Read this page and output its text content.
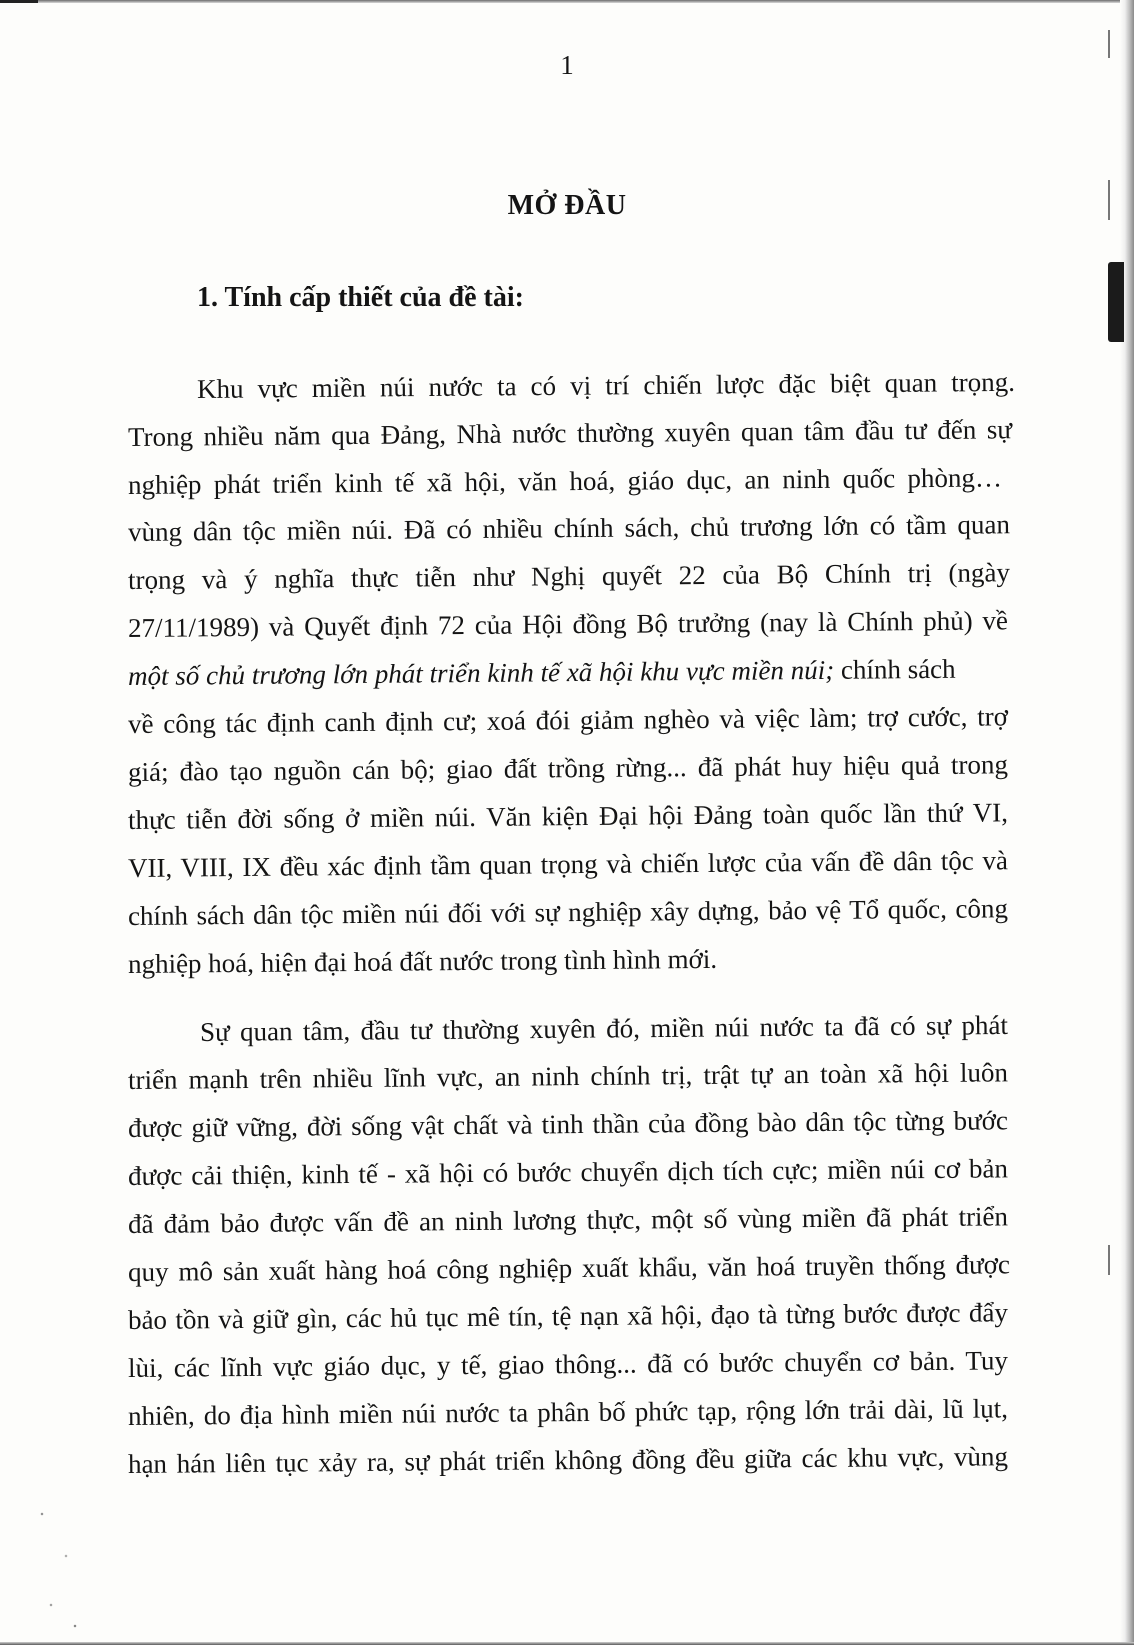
1
MỞ ĐẦU
1. Tính cấp thiết của đề tài:
Khu vực miền núi nước ta có vị trí chiến lược đặc biệt quan trọng.
Trong nhiều năm qua Đảng, Nhà nước thường xuyên quan tâm đầu tư đến sự
nghiệp phát triển kinh tế xã hội, văn hoá, giáo dục, an ninh quốc phòng…
vùng dân tộc miền núi. Đã có nhiều chính sách, chủ trương lớn có tầm quan
trọng và ý nghĩa thực tiễn như Nghị quyết 22 của Bộ Chính trị (ngày
27/11/1989) và Quyết định 72 của Hội đồng Bộ trưởng (nay là Chính phủ) về
một số chủ trương lớn phát triển kinh tế xã hội khu vực miền núi; chính sách
về công tác định canh định cư; xoá đói giảm nghèo và việc làm; trợ cước, trợ
giá; đào tạo nguồn cán bộ; giao đất trồng rừng... đã phát huy hiệu quả trong
thực tiễn đời sống ở miền núi. Văn kiện Đại hội Đảng toàn quốc lần thứ VI,
VII, VIII, IX đều xác định tầm quan trọng và chiến lược của vấn đề dân tộc và
chính sách dân tộc miền núi đối với sự nghiệp xây dựng, bảo vệ Tổ quốc, công
nghiệp hoá, hiện đại hoá đất nước trong tình hình mới.
Sự quan tâm, đầu tư thường xuyên đó, miền núi nước ta đã có sự phát
triển mạnh trên nhiều lĩnh vực, an ninh chính trị, trật tự an toàn xã hội luôn
được giữ vững, đời sống vật chất và tinh thần của đồng bào dân tộc từng bước
được cải thiện, kinh tế - xã hội có bước chuyển dịch tích cực; miền núi cơ bản
đã đảm bảo được vấn đề an ninh lương thực, một số vùng miền đã phát triển
quy mô sản xuất hàng hoá công nghiệp xuất khẩu, văn hoá truyền thống được
bảo tồn và giữ gìn, các hủ tục mê tín, tệ nạn xã hội, đạo tà từng bước được đẩy
lùi, các lĩnh vực giáo dục, y tế, giao thông... đã có bước chuyển cơ bản. Tuy
nhiên, do địa hình miền núi nước ta phân bố phức tạp, rộng lớn trải dài, lũ lụt,
hạn hán liên tục xảy ra, sự phát triển không đồng đều giữa các khu vực, vùng
